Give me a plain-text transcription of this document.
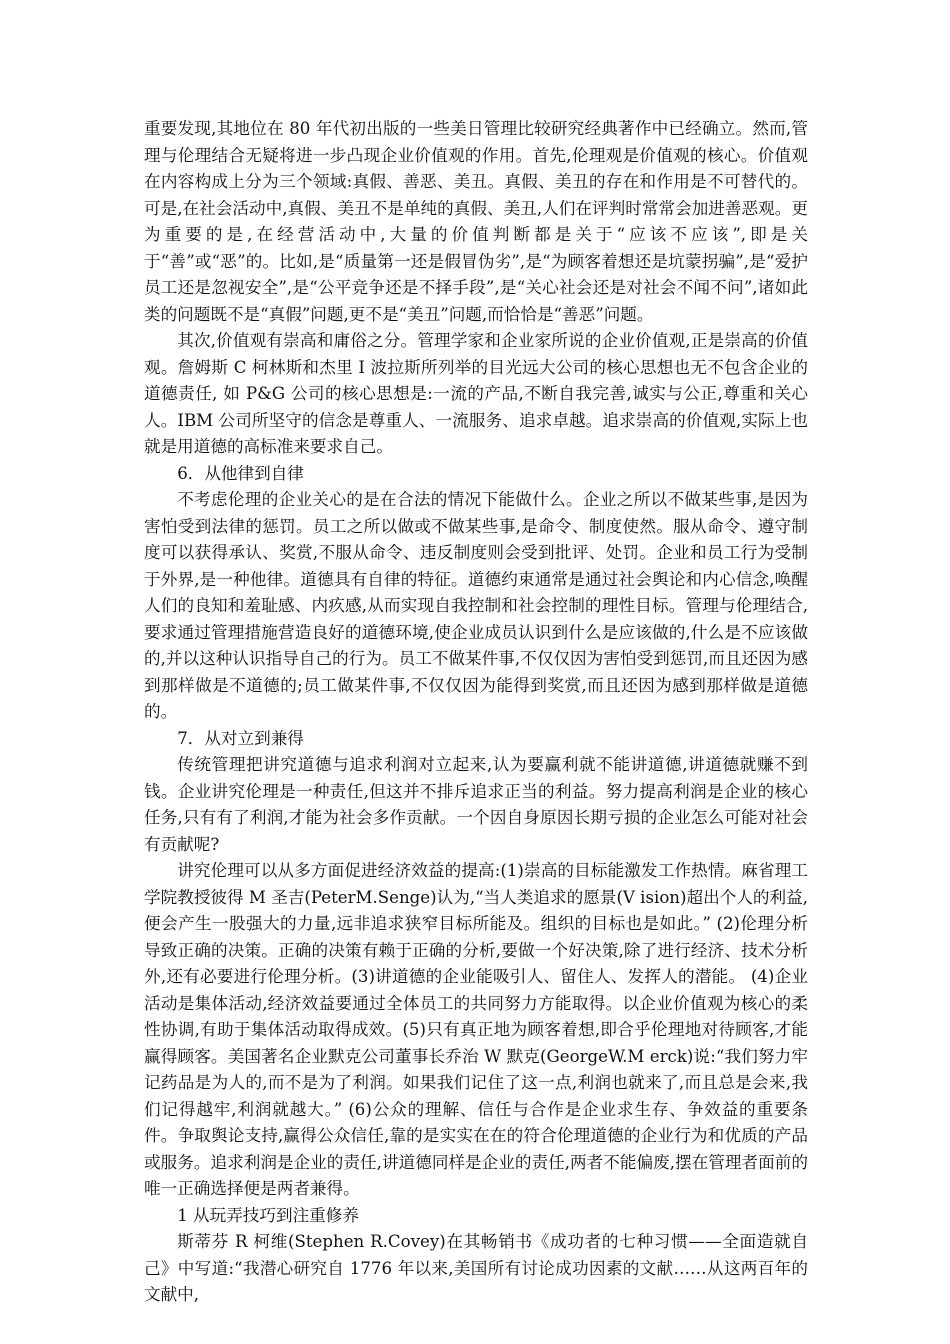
重要发现,其地位在 80 年代初出版的一些美日管理比较研究经典著作中已经确立。然而,管理与伦理结合无疑将进一步凸现企业价值观的作用。首先,伦理观是价值观的核心。价值观在内容构成上分为三个领域:真假、善恶、美丑。真假、美丑的存在和作用是不可替代的。可是,在社会活动中,真假、美丑不是单纯的真假、美丑,人们在评判时常常会加进善恶观。更为重要的是,在经营活动中,大量的价值判断都是关于“应该不应该”,即是关于“善”或“恶”的。比如,是“质量第一还是假冒伪劣”,是“为顾客着想还是坑蒙拐骗”,是“爱护员工还是忽视安全”,是“公平竞争还是不择手段”,是“关心社会还是对社会不闻不问”,诸如此类的问题既不是“真假”问题,更不是“美丑”问题,而恰恰是“善恶”问题。

其次,价值观有崇高和庸俗之分。管理学家和企业家所说的企业价值观,正是崇高的价值观。詹姆斯 C 柯林斯和杰里 I 波拉斯所列举的目光远大公司的核心思想也无不包含企业的道德责任, 如 P&G 公司的核心思想是:一流的产品,不断自我完善,诚实与公正,尊重和关心人。IBM 公司所坚守的信念是尊重人、一流服务、追求卓越。追求崇高的价值观,实际上也就是用道德的高标准来要求自己。

6．从他律到自律

不考虑伦理的企业关心的是在合法的情况下能做什么。企业之所以不做某些事,是因为害怕受到法律的惩罚。员工之所以做或不做某些事,是命令、制度使然。服从命令、遵守制度可以获得承认、奖赏,不服从命令、违反制度则会受到批评、处罚。企业和员工行为受制于外界,是一种他律。道德具有自律的特征。道德约束通常是通过社会舆论和内心信念,唤醒人们的良知和羞耻感、内疚感,从而实现自我控制和社会控制的理性目标。管理与伦理结合,要求通过管理措施营造良好的道德环境,使企业成员认识到什么是应该做的,什么是不应该做的,并以这种认识指导自己的行为。员工不做某件事,不仅仅因为害怕受到惩罚,而且还因为感到那样做是不道德的;员工做某件事,不仅仅因为能得到奖赏,而且还因为感到那样做是道德的。

7．从对立到兼得

传统管理把讲究道德与追求利润对立起来,认为要赢利就不能讲道德,讲道德就赚不到钱。企业讲究伦理是一种责任,但这并不排斥追求正当的利益。努力提高利润是企业的核心任务,只有有了利润,才能为社会多作贡献。一个因自身原因长期亏损的企业怎么可能对社会有贡献呢?

讲究伦理可以从多方面促进经济效益的提高:(1)崇高的目标能激发工作热情。麻省理工学院教授彼得 M 圣吉(PeterM.Senge)认为,“当人类追求的愿景(V ision)超出个人的利益,便会产生一股强大的力量,远非追求狭窄目标所能及。组织的目标也是如此。” (2)伦理分析导致正确的决策。正确的决策有赖于正确的分析,要做一个好决策,除了进行经济、技术分析外,还有必要进行伦理分析。(3)讲道德的企业能吸引人、留住人、发挥人的潜能。 (4)企业活动是集体活动,经济效益要通过全体员工的共同努力方能取得。以企业价值观为核心的柔性协调,有助于集体活动取得成效。(5)只有真正地为顾客着想,即合乎伦理地对待顾客,才能赢得顾客。美国著名企业默克公司董事长乔治 W 默克(GeorgeW.M erck)说:“我们努力牢记药品是为人的,而不是为了利润。如果我们记住了这一点,利润也就来了,而且总是会来,我们记得越牢,利润就越大。” (6)公众的理解、信任与合作是企业求生存、争效益的重要条件。争取舆论支持,赢得公众信任,靠的是实实在在的符合伦理道德的企业行为和优质的产品或服务。追求利润是企业的责任,讲道德同样是企业的责任,两者不能偏废,摆在管理者面前的唯一正确选择便是两者兼得。

1 从玩弄技巧到注重修养

斯蒂芬 R 柯维(Stephen R.Covey)在其畅销书《成功者的七种习惯——全面造就自己》中写道:“我潜心研究自 1776 年以来,美国所有讨论成功因素的文献……从这两百年的文献中,
